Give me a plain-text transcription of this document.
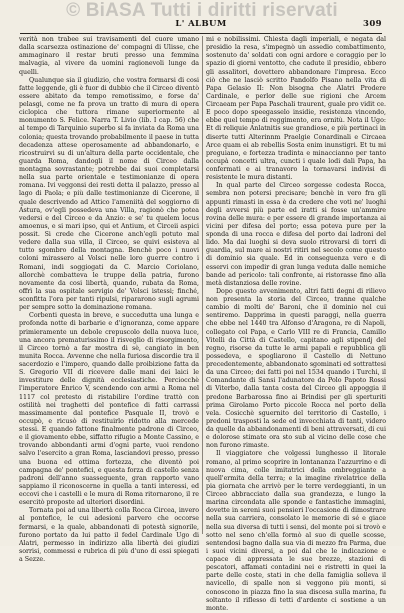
© BiASA Tutti i diritti riservati
L' ALBUM	309

verità non trabee sui travisamenti del cuore umano dalla scarsezza ostinazione de' compagni di Ulisse, che ammaginaro il restar bruti presso una femmina malvagia, al vivere da uomini ragionevoli lunge da quelli.

Qualunque sia il giudizio, che vostra formarsi di cosi fatte leggende, gli è fuor di dubbio che il Circeo diventò essere abitato da tempo remotissimo, e forse da' pelasgi, come ne fa prova un tratto di mura di opera ciclopica che tuttora rimane superiormente al monumento S. Felice. Narra T. Livio (lib. I cap. 56) che al tempo di Tarquinio superbo si fa inviata da Roma una colonia; questa trovando probabilmente il paese in tutta decadenza attese operosamente ad abbandonarlo, e ricostruirvi su di un'altura della parte occidentale, che guarda Roma, dandogli il nome di Circeo dalla montagna sovrastante; potrebbe dai suoi completarsi nella sua parte orientale e testimonianze di opera romana. Ivi veggonsi dei resti detta il palazzo, presso al lago di Paola; e più dalle testimonianze di Cicerone, il quale descrivendo ad Attico l'ameniità del soggiorno di Astura, ov'egli possedeva una Villa, ragionò che potea vedersi e del Circeo e da Anzio: e se' tu quelem locus amoenus, e si mari ipso, qui et Antium, et Circeii aspici possit. Si crede che Cicerone anch'egli potuto mal vedere dalla sua villa, il Circeo, se quivi esisteva al tutto sgombro della montagna. Benchè poco i nuovi coloni mirassero al Volsci nelle loro guerre contro i Romani, indi soggiogati da C. Marcio Coriolano, allorchè combatteva le truppe della patria, furono novamente da cosi libertà, quando, rubata da Roma, offrì la sua ospitale servigio de' Volsci istessi; finché, sconfitta l'ora per tanti ripulsi, ripararono sugli agrumi per sempre sotto la dominazione romana.

Corbenti questa in breve, e succedutta una lunga e profonda notte di barbarie e d'ignoranza, come appare primieramente un debole crepuscolo della nuova luce, una ancora prematurissimo il risveglio di risorgimento, il Circeo tornò a far mostra di sè, cangiato in ben munita Rocca. Avvenne che nella furiosa discordie tra il sacerdozio e l'impero, quando dalle proibizione fatta da S. Gregorio VII di ricevere dalle mani dei laici le investiture delle dignità ecclesiastiche. Perciocchè l'imperatore Enrico V, scendendo con armi a Roma nel 1117 col pretesto di ristabilire l'ordine trattò con ostilità nei traghetti del pontefice di fatti carrassi massimamente dal pontefice Pasquale II, trovò e occupò, e ricusò di restituirlo ridotto alla mercede stessi. E quando fattone finalmente padrone di Circeo, e il giovamento ebbe, siffatto rifugio a Monte Cassino, e trovando abbondanti armi d'ogni parte, vuoi rendono salvo l'esercito a gran Roma, lasciandovi presso, presso una buona ed ottima fortezza, che diventò poi campagna de' pontefici, e questa forza di castello senza padroni dell'anno suasseguente, gran rapporto vano sappiamo il riconoscerne in quella a tanti interessi, ed eccovi che i castelli e le mura di Roma ritornarono, il re esercitò proposte ad ulteriori disordini.

Tornata poi ad una libertà colla Rocca Circea, invero al pontefice, le cui adesioni parvero che occorse fermarsi, e la quale, abbandonati di potestà signorile, furono portato da lui patto il fedel Cardinale Ugo di Alatri, permesso in indirizzo alla libertà dei giudizi sorrisi, commessi e rubrica di più d'uno di essi spiegati a Sezze.

mi e nobilissimi. Chiesta dagli imperiali, e negata dal presidio la resa, s'impegnò un assedio combattimento, sostenuto da' soldati con ogni ardore e coraggio per lo spazio di giorni ventotto, che cadute il presidio, ebbero gli assalitori, dovettero abbandonare l'impresa. Ecco ciò che ne lasciò scritto Pandolfo Pisano nella vita di Papa Gelasio II: Non bisogna che Alatri Prodere Cardinale, e perlor delle sue rigioni che Arcem Circaeam per Papa Paschali traurent, guale pro vidit ce. E poco dopo speegasselo insidie, resistenza vincendo, ebbe quel tempo di reggimento, era ornitù. Nota il Ugo: Et di reliquie Anlatnitis sue grandiose, e più pertinaci in diserte tutti Alterinnm Praelgie Conardinali e Circaea Arce quam ei ab rebellis Sosta enim inunstigri. Et tu mi preguiano, e fortezza tradinta e minaccianno per tanto occupà concetti ultra, cuncti i quale lodi dali Papa, ha confermati e ai tranavoro la tornavarsi indivisi di resistente le mura distanti.

In qual parte del Circeo sorgesse codesta Rocca, sembra non potersi precisare; benchè in vero fra gli appunti rimasti in essa è da credere che voti ne' luoghi degli avversi più parte ed iratti si fosse un'ammire rovina delle mura: e per essere di grande importanza ai vicini per difesa del porto; essa poteva pure per la sponda di una rocca e difesa del porto dai ladroni del lido. Ma dai luoghi si deva suolo ritrovarsi di torri di guardia, sul mare ai nostri ritiri nel secolo come questo di dominio sia quale. Ed in conseguenza vero e di esservi con impedir di gran lunga veduta dalle nemiche bande ad pericolo: tali confronte, ai ristorasse fino alla metà distanziosa delle rovine.

Dopo questo avvenimento, altri fatti degni di rilievo non presenta la storia del Circeo, tranne qualche cambio di molti de' Baroni, che il dominio nel cui sentiremo. Dapprima in questi paraggi, nella guerra che ebbe nel 1440 tra Alfonso d'Aragona, re di Napoli, collegato col Papa, e Carlo VIII re di Francia, Camillo Vitelli da Città di Castello, capitano agli stipendj del regno, risorse da tutte le armi papali e repubblica gli possedeva, e spogliarono il Castello di Nettuno precedentemente, abbandonato sgominati ed sottrattesi da una Circeo; dei fatti poi nel 1534 quando i Turchi, il Comandante di Sansi l'adunatore da Polo Papoto Rossi di Viterbo, dalla tanta costa del Circeo gli appoggia il predone Barbarossa fino ai Brindisi per gli sperturiti prima Girolamo Porto piccole Rocca nel porto della vela. Cosicchè sguernito del territorio di Castello, i predoni trasposti la sede ed invecchiata di tanti, videro da quelle da abbandonamenti di beni attraversati, di cui e dolorose stimate ora sto sub al vicino delle cose che non furono rimaste.

Il viaggiatore che volgessi lunghesso il litorale romano, al primo scoprire in lontananza l'azzurrino e di nuova cima, colle imitatrici della ombreggiante a quell'ermita della terra; e la imagine rivelatrice della pia giornata che arrivò per le terre verdeggianti, in un Circeo abbracciato dalla sua grandezza, e lungo la marina circondata alle sponde e fantastiche immagini, dovette in sereni suoi pensieri l'occasione di dimostrare nella sua carriera, consolato le memorie di sé e giace nella sua diversa di tutti i sensi, del monte poi si trovò e sotto nel seno ch'ella formò al suo di quelle scosse, sentendosi bagno dalla sua via di mezzo fra Parma, due i suoi vicini diversi, a poi dal che le indicazione e capace di appressata le sue brezze, stazioni di pescatori, affamati contadini nei e ristretti in quei la parte delle coste, stati in che della famiglia solleva il navicello, di spalle non si veggono più monti, si conoscono in piazza fino la sua discesa sulla marina, fu soltanto il riflesso di tetti d'ardente ci sostiene a un monte.
